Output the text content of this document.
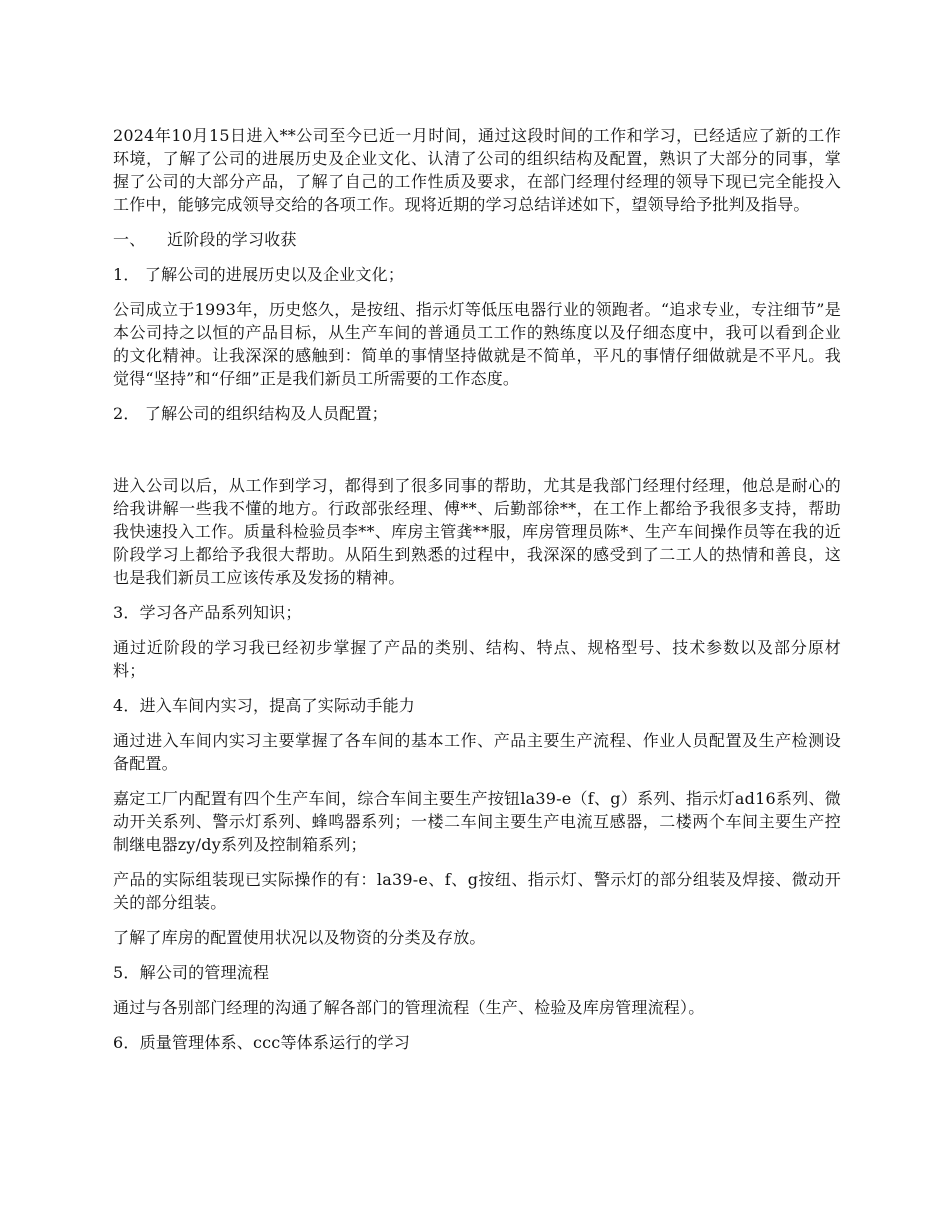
2024年10月15日进入**公司至今已近一月时间，通过这段时间的工作和学习，已经适应了新的工作环境，了解了公司的进展历史及企业文化、认清了公司的组织结构及配置，熟识了大部分的同事，掌握了公司的大部分产品，了解了自己的工作性质及要求，在部门经理付经理的领导下现已完全能投入工作中，能够完成领导交给的各项工作。现将近期的学习总结详述如下，望领导给予批判及指导。

一、 近阶段的学习收获

1． 了解公司的进展历史以及企业文化；

公司成立于1993年，历史悠久，是按纽、指示灯等低压电器行业的领跑者。“追求专业，专注细节”是本公司持之以恒的产品目标，从生产车间的普通员工工作的熟练度以及仔细态度中，我可以看到企业的文化精神。让我深深的感触到：简单的事情坚持做就是不简单，平凡的事情仔细做就是不平凡。我觉得“坚持”和“仔细”正是我们新员工所需要的工作态度。

2． 了解公司的组织结构及人员配置；

进入公司以后，从工作到学习，都得到了很多同事的帮助，尤其是我部门经理付经理，他总是耐心的给我讲解一些我不懂的地方。行政部张经理、傅**、后勤部徐**，在工作上都给予我很多支持，帮助我快速投入工作。质量科检验员李**、库房主管龚**服，库房管理员陈*、生产车间操作员等在我的近阶段学习上都给予我很大帮助。从陌生到熟悉的过程中，我深深的感受到了二工人的热情和善良，这也是我们新员工应该传承及发扬的精神。

3．学习各产品系列知识；

通过近阶段的学习我已经初步掌握了产品的类别、结构、特点、规格型号、技术参数以及部分原材料；

4．进入车间内实习，提高了实际动手能力

通过进入车间内实习主要掌握了各车间的基本工作、产品主要生产流程、作业人员配置及生产检测设备配置。

嘉定工厂内配置有四个生产车间，综合车间主要生产按钮la39-e（f、g）系列、指示灯ad16系列、微动开关系列、警示灯系列、蜂鸣器系列；一楼二车间主要生产电流互感器，二楼两个车间主要生产控制继电器zy/dy系列及控制箱系列；

产品的实际组装现已实际操作的有：la39-e、f、g按纽、指示灯、警示灯的部分组装及焊接、微动开关的部分组装。

了解了库房的配置使用状况以及物资的分类及存放。

5．解公司的管理流程

通过与各别部门经理的沟通了解各部门的管理流程（生产、检验及库房管理流程）。

6．质量管理体系、ccc等体系运行的学习
